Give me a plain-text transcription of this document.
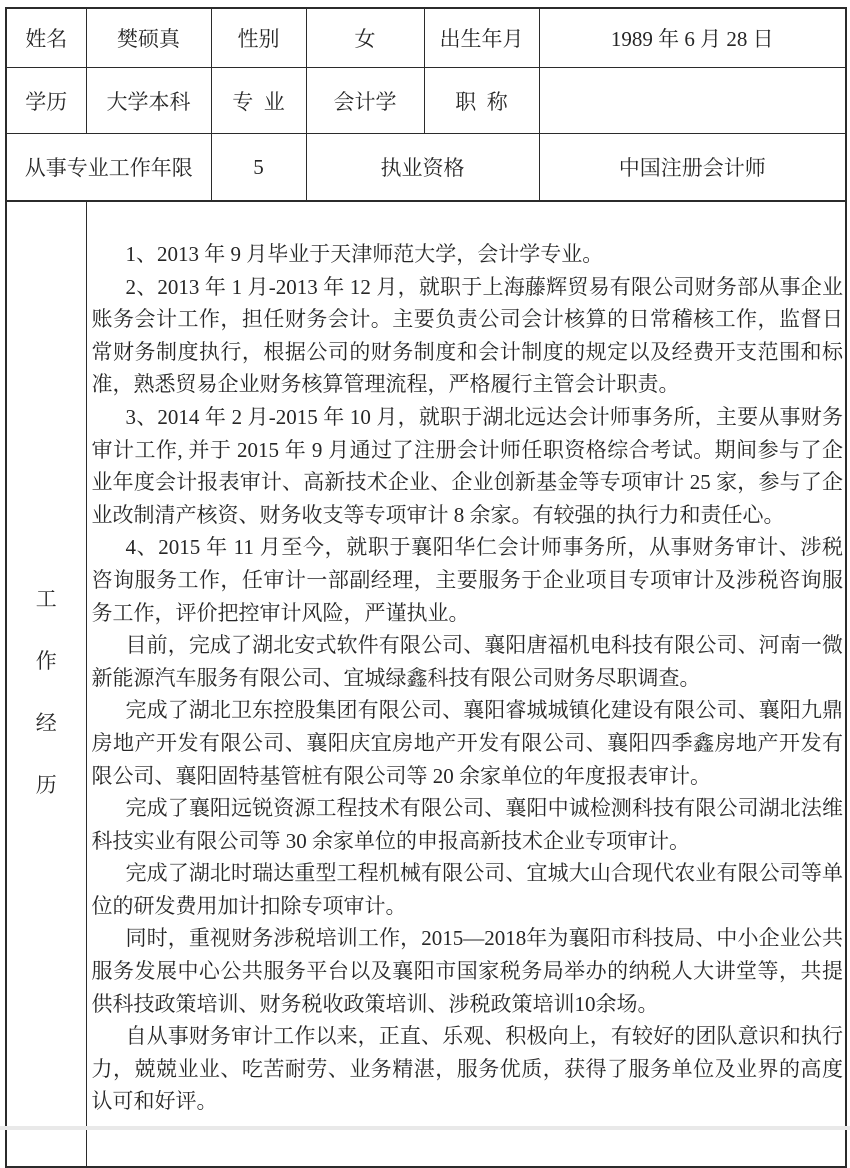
姓名	樊硕真	性别	女	出生年月	1989 年 6 月 28 日
学历	大学本科	专 业	会计学	职 称	
从事专业工作年限		5	执业资格		中国注册会计师

工
作
经
历

1、2013 年 9 月毕业于天津师范大学，会计学专业。

2、2013 年 1 月-2013 年 12 月，就职于上海藤辉贸易有限公司财务部从事企业账务会计工作，担任财务会计。主要负责公司会计核算的日常稽核工作，监督日常财务制度执行，根据公司的财务制度和会计制度的规定以及经费开支范围和标准，熟悉贸易企业财务核算管理流程，严格履行主管会计职责。

3、2014 年 2 月-2015 年 10 月，就职于湖北远达会计师事务所，主要从事财务审计工作, 并于 2015 年 9 月通过了注册会计师任职资格综合考试。期间参与了企业年度会计报表审计、高新技术企业、企业创新基金等专项审计 25 家，参与了企业改制清产核资、财务收支等专项审计 8 余家。有较强的执行力和责任心。

4、2015 年 11 月至今，就职于襄阳华仁会计师事务所，从事财务审计、涉税咨询服务工作，任审计一部副经理，主要服务于企业项目专项审计及涉税咨询服务工作，评价把控审计风险，严谨执业。

目前，完成了湖北安式软件有限公司、襄阳唐福机电科技有限公司、河南一微新能源汽车服务有限公司、宜城绿鑫科技有限公司财务尽职调查。

完成了湖北卫东控股集团有限公司、襄阳睿城城镇化建设有限公司、襄阳九鼎房地产开发有限公司、襄阳庆宜房地产开发有限公司、襄阳四季鑫房地产开发有限公司、襄阳固特基管桩有限公司等 20 余家单位的年度报表审计。

完成了襄阳远锐资源工程技术有限公司、襄阳中诚检测科技有限公司湖北法维科技实业有限公司等 30 余家单位的申报高新技术企业专项审计。

完成了湖北时瑞达重型工程机械有限公司、宜城大山合现代农业有限公司等单位的研发费用加计扣除专项审计。

同时，重视财务涉税培训工作，2015—2018年为襄阳市科技局、中小企业公共服务发展中心公共服务平台以及襄阳市国家税务局举办的纳税人大讲堂等，共提供科技政策培训、财务税收政策培训、涉税政策培训10余场。

自从事财务审计工作以来，正直、乐观、积极向上，有较好的团队意识和执行力，兢兢业业、吃苦耐劳、业务精湛，服务优质，获得了服务单位及业界的高度认可和好评。
